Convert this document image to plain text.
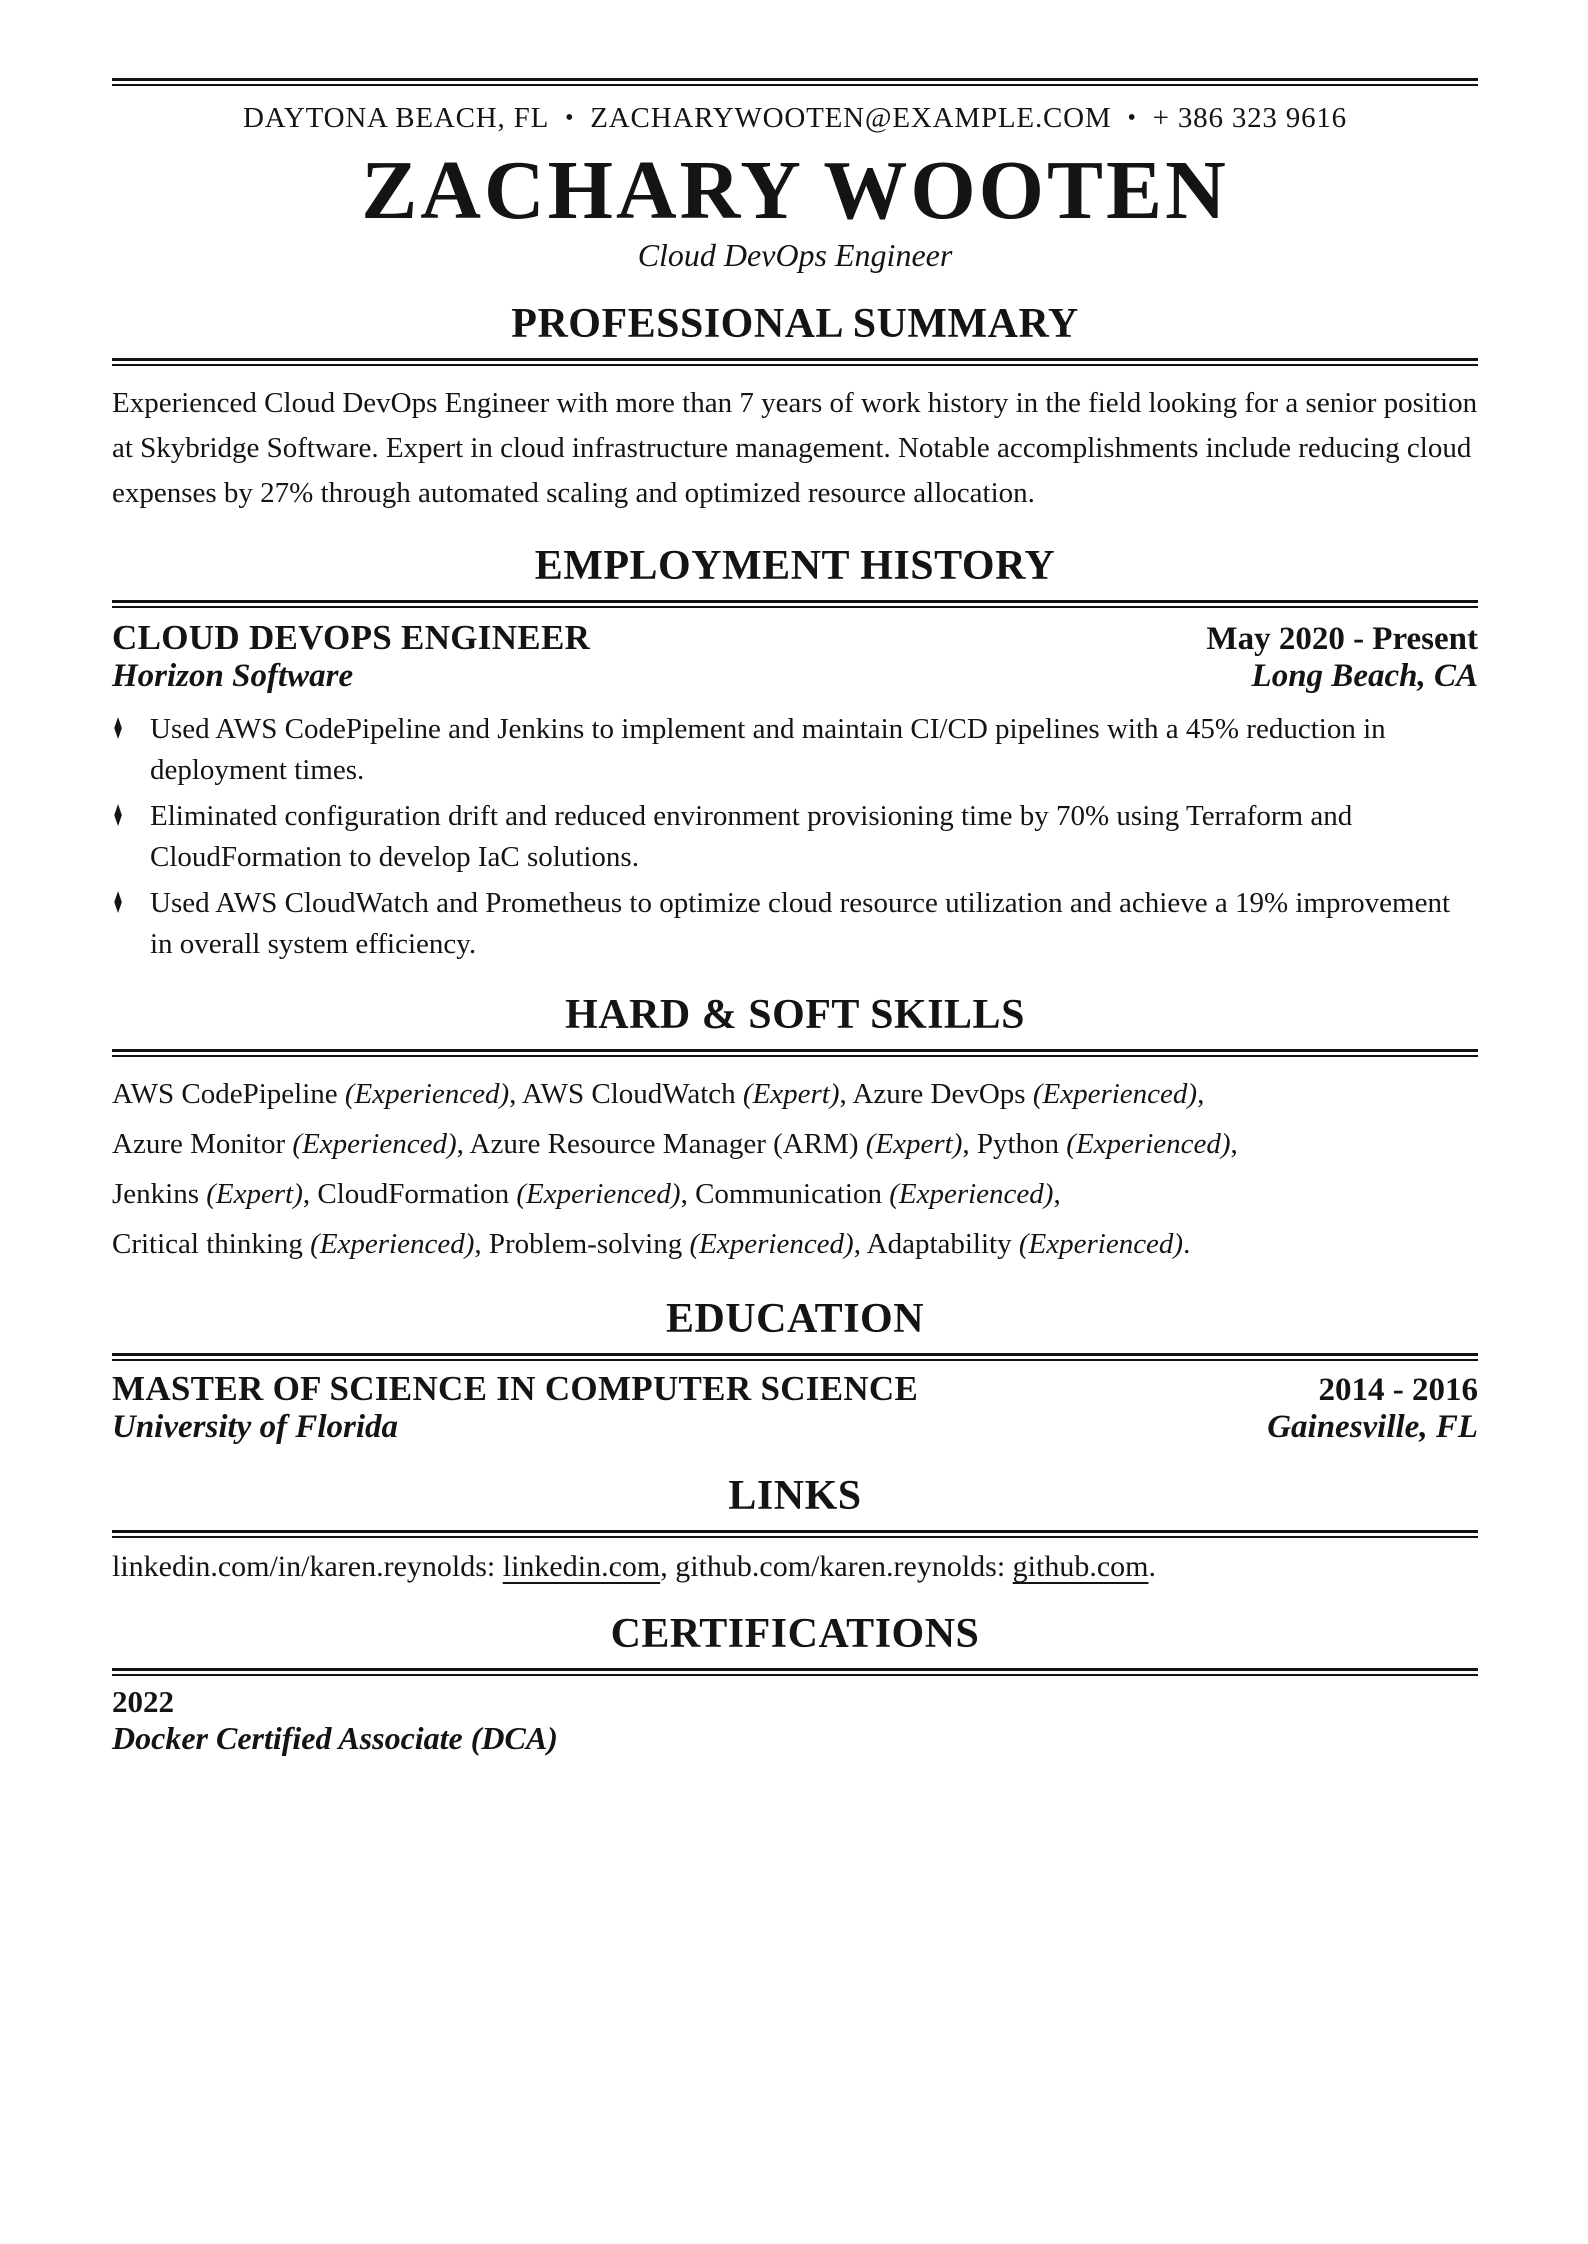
DAYTONA BEACH, FL • ZACHARYWOOTEN@EXAMPLE.COM • + 386 323 9616
ZACHARY WOOTEN
Cloud DevOps Engineer
PROFESSIONAL SUMMARY

Experienced Cloud DevOps Engineer with more than 7 years of work history in the field looking for a senior position at Skybridge Software. Expert in cloud infrastructure management. Notable accomplishments include reducing cloud expenses by 27% through automated scaling and optimized resource allocation.

EMPLOYMENT HISTORY
CLOUD DEVOPS ENGINEER	May 2020 - Present
Horizon Software	Long Beach, CA
♦ Used AWS CodePipeline and Jenkins to implement and maintain CI/CD pipelines with a 45% reduction in deployment times.
♦ Eliminated configuration drift and reduced environment provisioning time by 70% using Terraform and CloudFormation to develop IaC solutions.
♦ Used AWS CloudWatch and Prometheus to optimize cloud resource utilization and achieve a 19% improvement in overall system efficiency.
HARD & SOFT SKILLS

AWS CodePipeline (Experienced), AWS CloudWatch (Expert), Azure DevOps (Experienced),

Azure Monitor (Experienced), Azure Resource Manager (ARM) (Expert), Python (Experienced),

Jenkins (Expert), CloudFormation (Experienced), Communication (Experienced),

Critical thinking (Experienced), Problem-solving (Experienced), Adaptability (Experienced).

EDUCATION
MASTER OF SCIENCE IN COMPUTER SCIENCE	2014 - 2016
University of Florida	Gainesville, FL
LINKS

linkedin.com/in/karen.reynolds: linkedin.com, github.com/karen.reynolds: github.com.

CERTIFICATIONS
2022
Docker Certified Associate (DCA)
